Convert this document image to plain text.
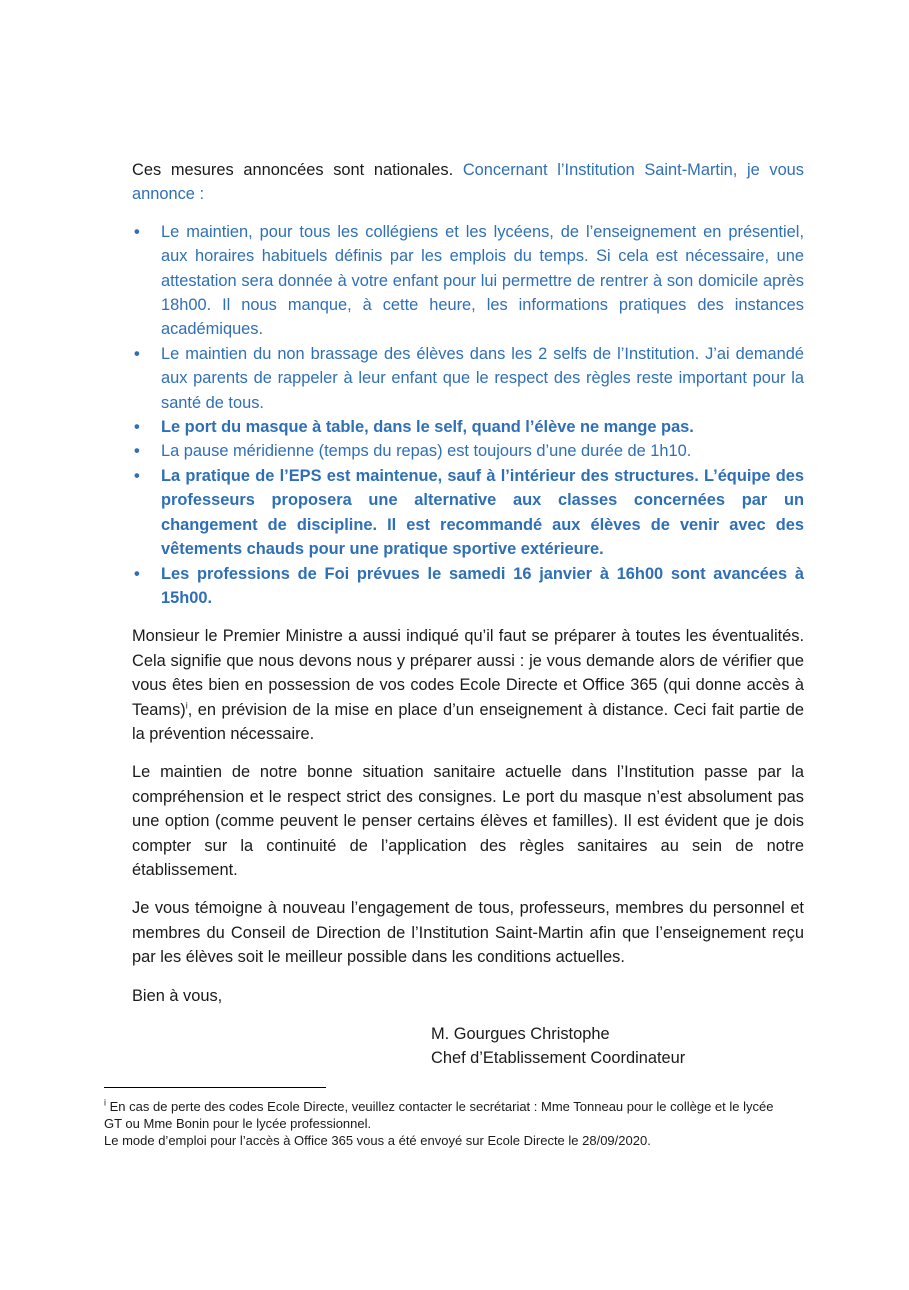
Ces mesures annoncées sont nationales. Concernant l’Institution Saint-Martin, je vous annonce :

• Le maintien, pour tous les collégiens et les lycéens, de l’enseignement en présentiel, aux horaires habituels définis par les emplois du temps. Si cela est nécessaire, une attestation sera donnée à votre enfant pour lui permettre de rentrer à son domicile après 18h00. Il nous manque, à cette heure, les informations pratiques des instances académiques.
• Le maintien du non brassage des élèves dans les 2 selfs de l’Institution. J’ai demandé aux parents de rappeler à leur enfant que le respect des règles reste important pour la santé de tous.
• Le port du masque à table, dans le self, quand l’élève ne mange pas.
• La pause méridienne (temps du repas) est toujours d’une durée de 1h10.
• La pratique de l’EPS est maintenue, sauf à l’intérieur des structures. L’équipe des professeurs proposera une alternative aux classes concernées par un changement de discipline. Il est recommandé aux élèves de venir avec des vêtements chauds pour une pratique sportive extérieure.
• Les professions de Foi prévues le samedi 16 janvier à 16h00 sont avancées à 15h00.

Monsieur le Premier Ministre a aussi indiqué qu’il faut se préparer à toutes les éventualités. Cela signifie que nous devons nous y préparer aussi : je vous demande alors de vérifier que vous êtes bien en possession de vos codes Ecole Directe et Office 365 (qui donne accès à Teams)$^i$, en prévision de la mise en place d’un enseignement à distance. Ceci fait partie de la prévention nécessaire.

Le maintien de notre bonne situation sanitaire actuelle dans l’Institution passe par la compréhension et le respect strict des consignes. Le port du masque n’est absolument pas une option (comme peuvent le penser certains élèves et familles). Il est évident que je dois compter sur la continuité de l’application des règles sanitaires au sein de notre établissement.

Je vous témoigne à nouveau l’engagement de tous, professeurs, membres du personnel et membres du Conseil de Direction de l’Institution Saint-Martin afin que l’enseignement reçu par les élèves soit le meilleur possible dans les conditions actuelles.

Bien à vous,

M. Gourgues Christophe
Chef d’Etablissement Coordinateur

$^i$ En cas de perte des codes Ecole Directe, veuillez contacter le secrétariat : Mme Tonneau pour le collège et le lycée GT ou Mme Bonin pour le lycée professionnel.

Le mode d’emploi pour l’accès à Office 365 vous a été envoyé sur Ecole Directe le 28/09/2020.
